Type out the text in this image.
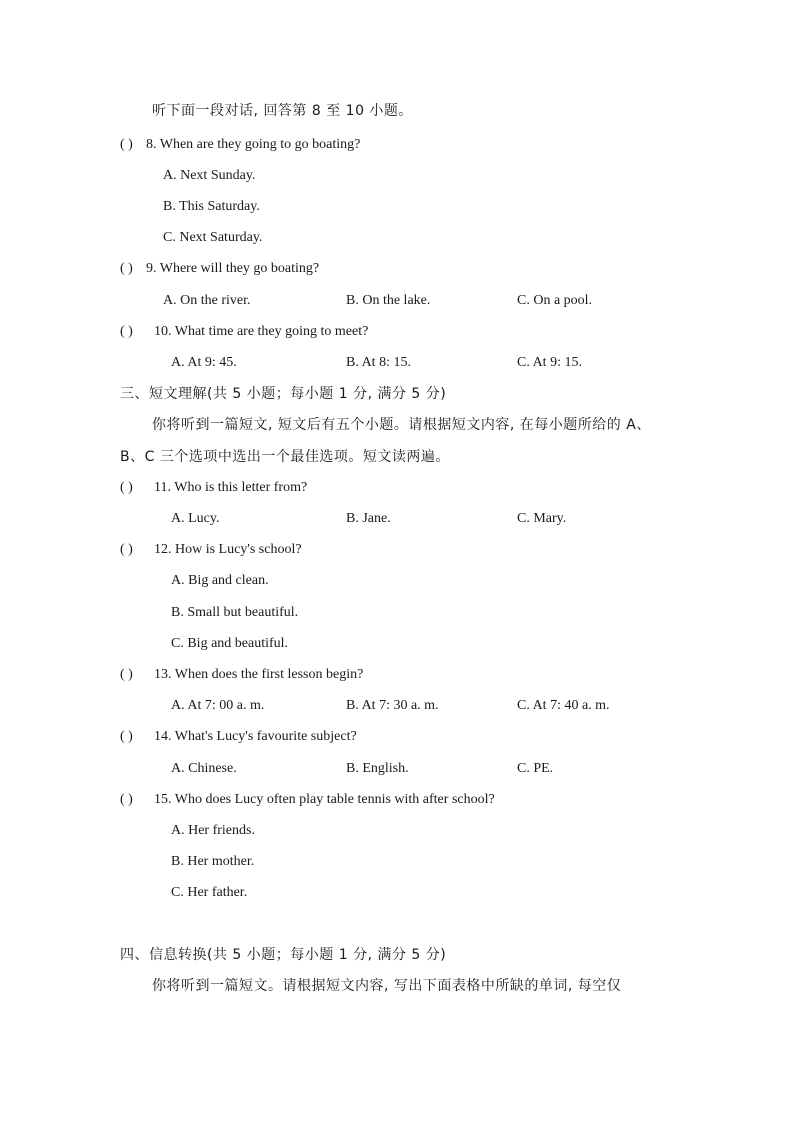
听下面一段对话, 回答第 8 至 10 小题。
( ) 8. When are they going to go boating?
A. Next Sunday.
B. This Saturday.
C. Next Saturday.
( ) 9. Where will they go boating?
A. On the river.	B. On the lake.	C. On a pool.
( ) 10. What time are they going to meet?
A. At 9: 45.	B. At 8: 15.	C. At 9: 15.
三、短文理解(共 5 小题；每小题 1 分, 满分 5 分)
你将听到一篇短文, 短文后有五个小题。请根据短文内容, 在每小题所给的 A、
B、C 三个选项中选出一个最佳选项。短文读两遍。
( ) 11. Who is this letter from?
A. Lucy.	B. Jane.	C. Mary.
( ) 12. How is Lucy's school?
A. Big and clean.
B. Small but beautiful.
C. Big and beautiful.
( ) 13. When does the first lesson begin?
A. At 7: 00 a. m.	B. At 7: 30 a. m.	C. At 7: 40 a. m.
( ) 14. What's Lucy's favourite subject?
A. Chinese.	B. English.	C. PE.
( ) 15. Who does Lucy often play table tennis with after school?
A. Her friends.
B. Her mother.
C. Her father.
四、信息转换(共 5 小题；每小题 1 分, 满分 5 分)
你将听到一篇短文。请根据短文内容, 写出下面表格中所缺的单词, 每空仅
